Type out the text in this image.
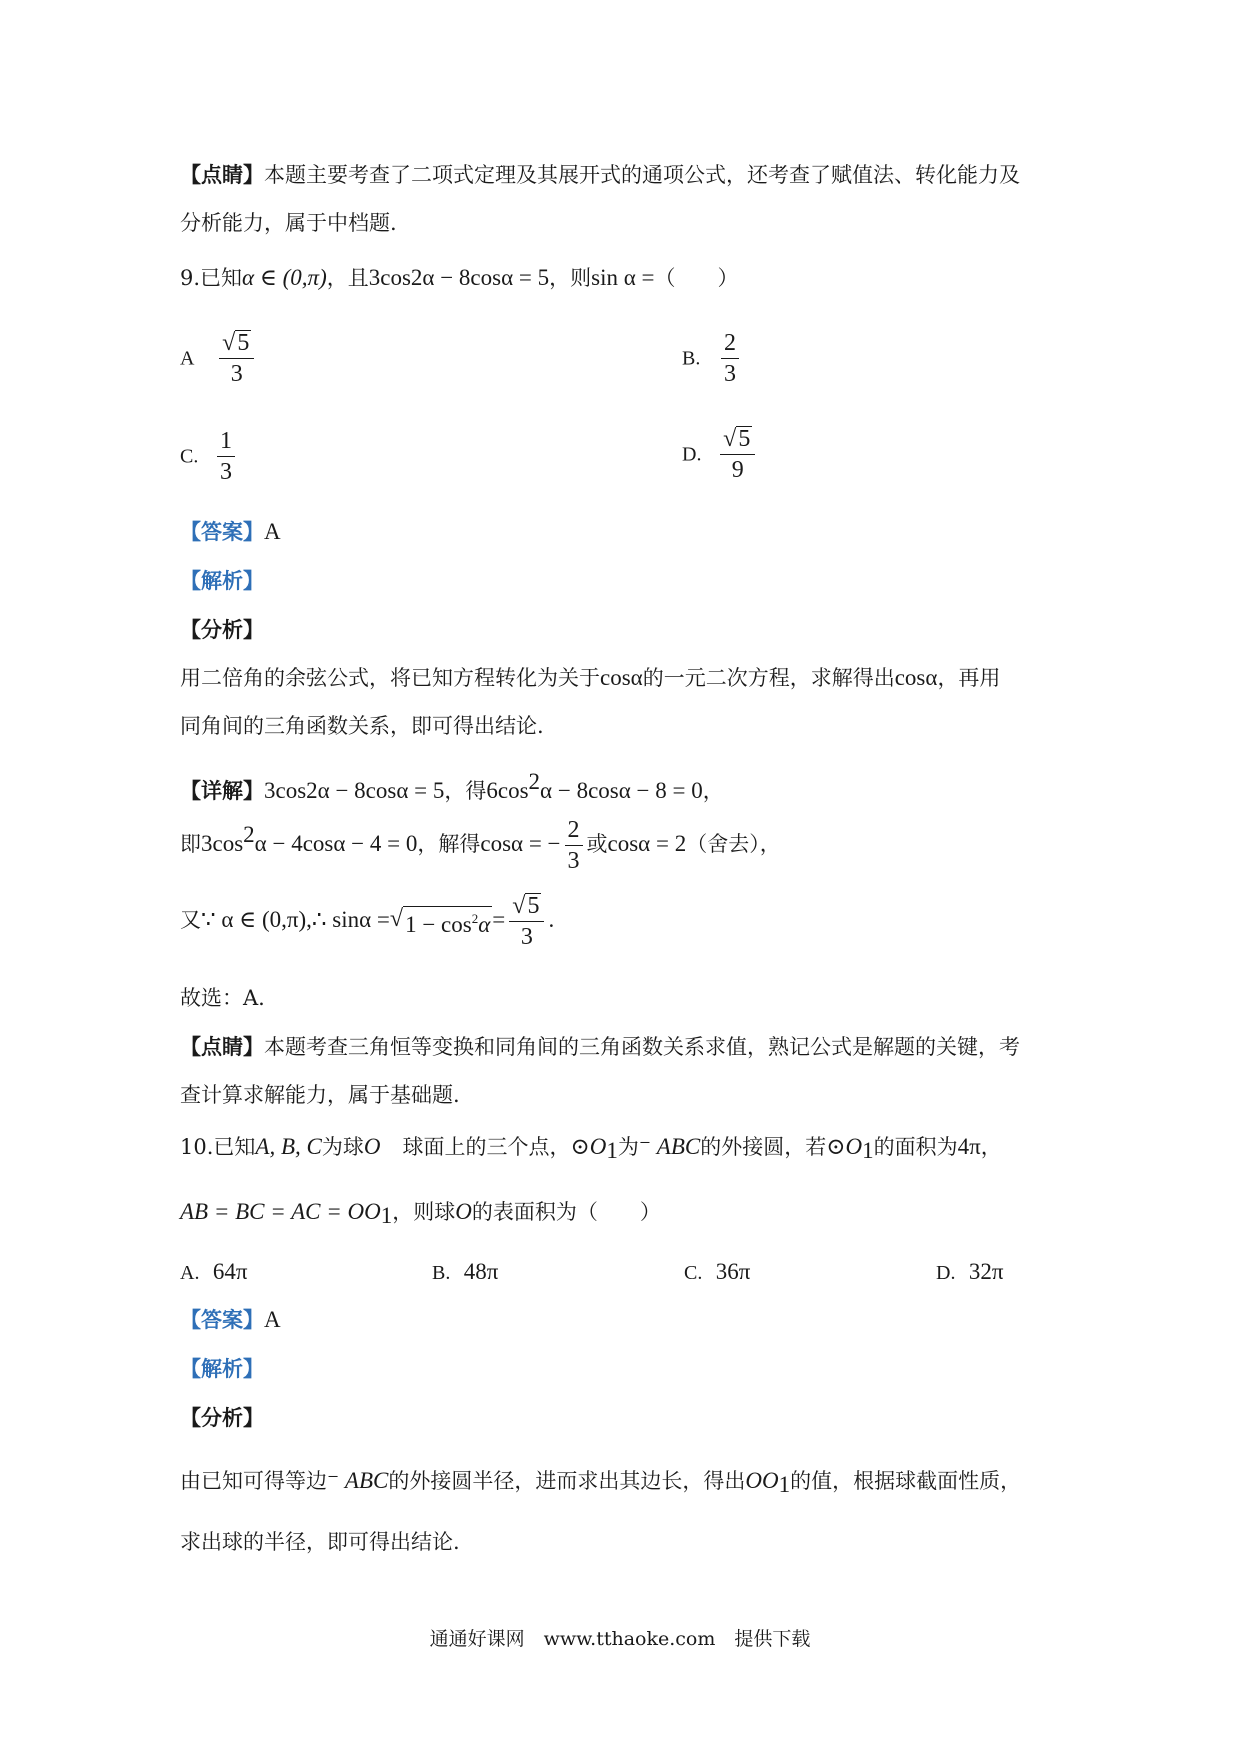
【点睛】本题主要考查了二项式定理及其展开式的通项公式，还考查了赋值法、转化能力及
分析能力，属于中档题.
9.已知α ∈ (0,π)，且3cos2α − 8cosα = 5，则sin α =（　　）
A $\frac{√ 5}{3}$	B. $\frac{2}{3}$
C. $\frac{1}{3}$	D. $\frac{√ 5}{9}$
【答案】A
【解析】
【分析】
用二倍角的余弦公式，将已知方程转化为关于cosα的一元二次方程，求解得出cosα，再用
同角间的三角函数关系，即可得出结论.
【详解】3cos2α − 8cosα = 5，得$6\cos^2\alpha - 8\cos\alpha - 8 = 0$，
即$3\cos^2\alpha - 4\cos\alpha - 4 = 0$，解得cosα = − $\frac{2}{3}$ 或cosα = 2（舍去），
又∵ α ∈ (0,π),∴ sinα = √ $1 - \cos^2\alpha = \frac{√ 5}{3}$ .
故选：A.
【点睛】本题考查三角恒等变换和同角间的三角函数关系求值，熟记公式是解题的关键，考
查计算求解能力，属于基础题.
10.已知A, B, C为球O 球面上的三个点，$⊙O_1$为⁻ ABC的外接圆，若$⊙O_1$的面积为4π，
AB = BC = AC = $OO_1$，则球O的表面积为（　　）
A. 64π	B. 48π	C. 36π	D. 32π
【答案】A
【解析】
【分析】
由已知可得等边⁻ ABC的外接圆半径，进而求出其边长，得出$OO_1$的值，根据球截面性质，
求出球的半径，即可得出结论.
通通好课网　www.tthaoke.com　提供下载
